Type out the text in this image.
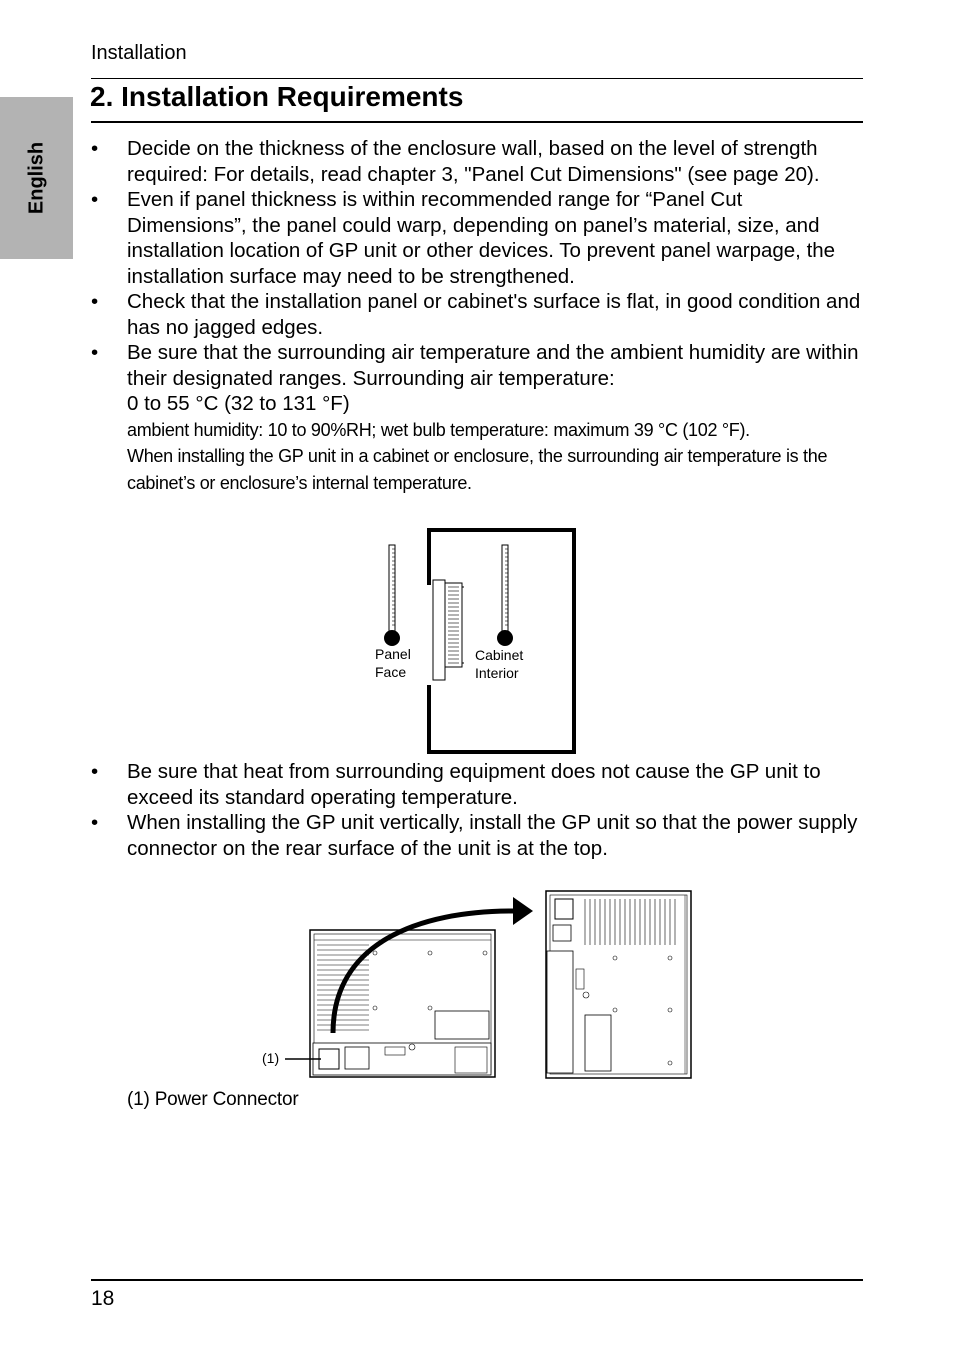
English
Installation
2. Installation Requirements
•	Decide on the thickness of the enclosure wall, based on the level of strength required: For details, read chapter 3, "Panel Cut Dimensions" (see page 20).
•	Even if panel thickness is within recommended range for “Panel Cut Dimensions”, the panel could warp, depending on panel’s material, size, and installation location of GP unit or other devices. To prevent panel warpage, the installation surface may need to be strengthened.
•	Check that the installation panel or cabinet's surface is flat, in good condition and has no jagged edges.
•	Be sure that the surrounding air temperature and the ambient humidity are within their designated ranges. Surrounding air temperature:
0 to 55 °C (32 to 131 °F)
ambient humidity: 10 to 90%RH; wet bulb temperature: maximum 39 °C (102 °F).
When installing the GP unit in a cabinet or enclosure, the surrounding air temperature is the cabinet’s or enclosure’s internal temperature.
Panel
Face
Cabinet
Interior
•	Be sure that heat from surrounding equipment does not cause the GP unit to exceed its standard operating temperature.
•	When installing the GP unit vertically, install the GP unit so that the power supply connector on the rear surface of the unit is at the top.
(1)
(1) Power Connector
18
